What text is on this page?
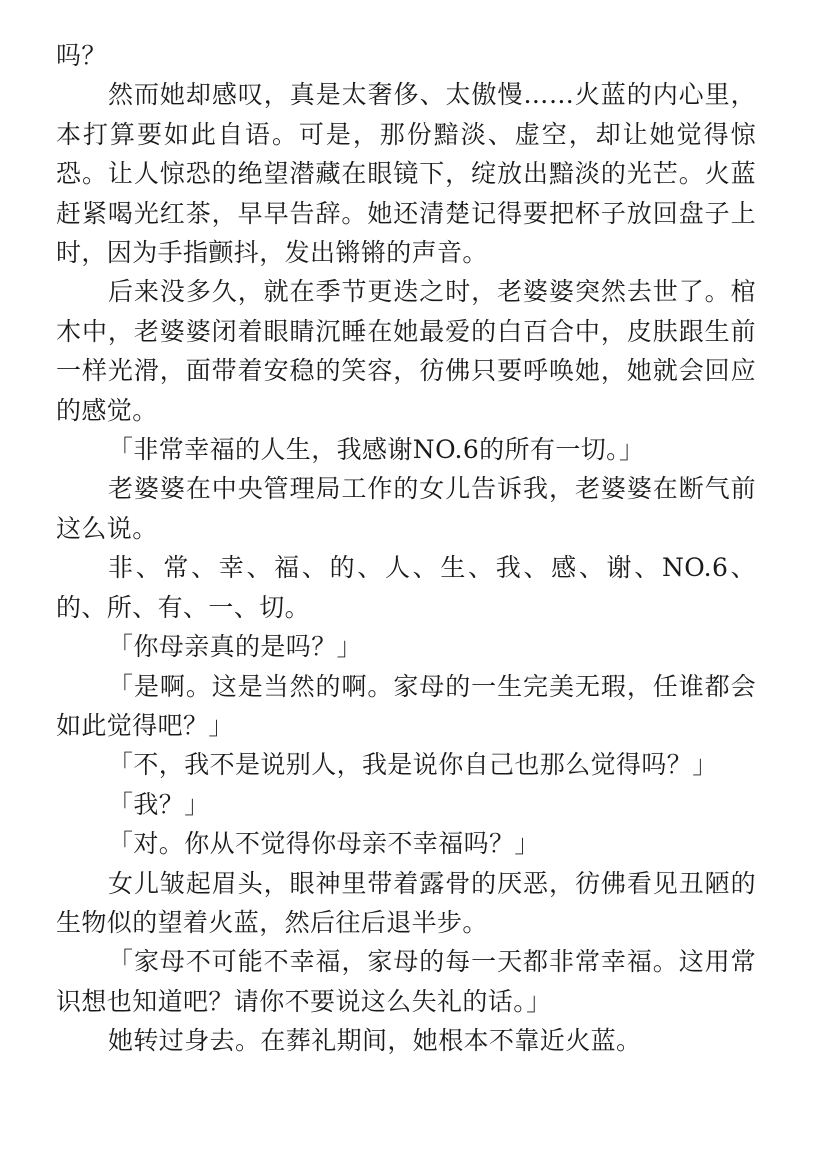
吗？

然而她却感叹，真是太奢侈、太傲慢……火蓝的内心里，本打算要如此自语。可是，那份黯淡、虚空，却让她觉得惊恐。让人惊恐的绝望潜藏在眼镜下，绽放出黯淡的光芒。火蓝赶紧喝光红茶，早早告辞。她还清楚记得要把杯子放回盘子上时，因为手指颤抖，发出锵锵的声音。

后来没多久，就在季节更迭之时，老婆婆突然去世了。棺木中，老婆婆闭着眼睛沉睡在她最爱的白百合中，皮肤跟生前一样光滑，面带着安稳的笑容，彷佛只要呼唤她，她就会回应的感觉。

「非常幸福的人生，我感谢NO.6的所有一切。」

老婆婆在中央管理局工作的女儿告诉我，老婆婆在断气前这么说。

非、常、幸、福、的、人、生、我、感、谢、NO.6、的、所、有、一、切。

「你母亲真的是吗？」

「是啊。这是当然的啊。家母的一生完美无瑕，任谁都会如此觉得吧？」

「不，我不是说别人，我是说你自己也那么觉得吗？」

「我？」

「对。你从不觉得你母亲不幸福吗？」

女儿皱起眉头，眼神里带着露骨的厌恶，彷佛看见丑陋的生物似的望着火蓝，然后往后退半步。

「家母不可能不幸福，家母的每一天都非常幸福。这用常识想也知道吧？请你不要说这么失礼的话。」

她转过身去。在葬礼期间，她根本不靠近火蓝。
